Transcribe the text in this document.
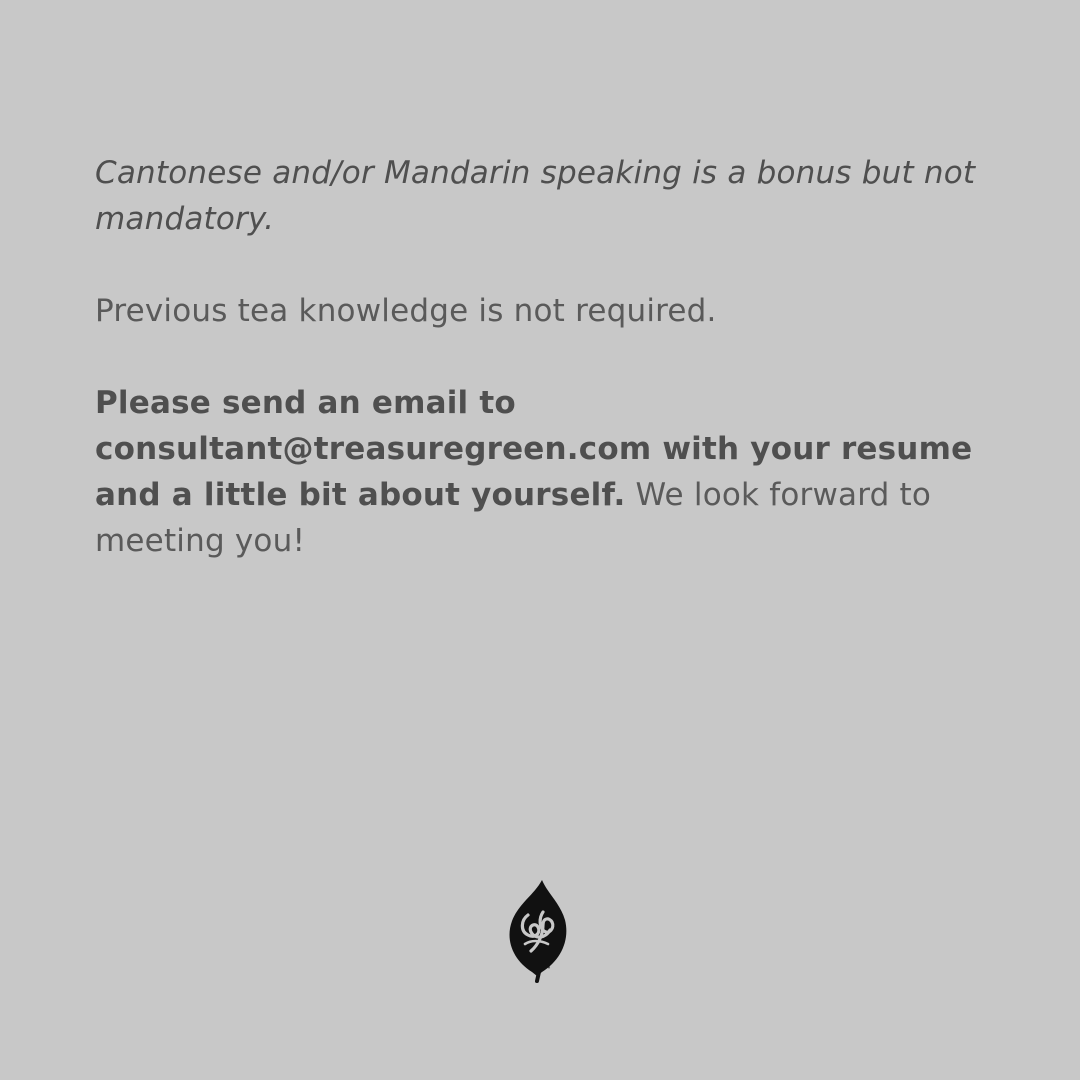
Cantonese and/or Mandarin speaking is a bonus but not mandatory.

Previous tea knowledge is not required.

Please send an email to consultant@treasuregreen.com with your resume and a little bit about yourself. We look forward to meeting you!
